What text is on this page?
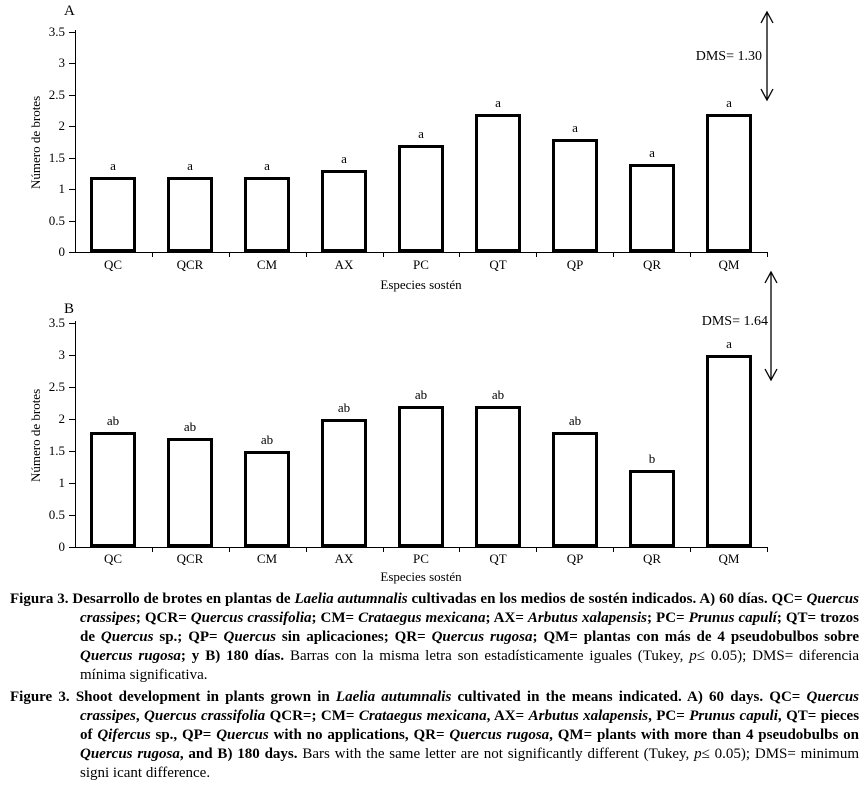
A
0
0.5
1
1.5
2
2.5
3
3.5
a
QC
a
QCR
a
CM
a
AX
a
PC
a
QT
a
QP
a
QR
a
QM
Especies sostén
Número de brotes
DMS= 1.30
B
0
0.5
1
1.5
2
2.5
3
3.5
ab
QC
ab
QCR
ab
CM
ab
AX
ab
PC
ab
QT
ab
QP
b
QR
a
QM
Especies sostén
Número de brotes
DMS= 1.64

Figura 3. Desarrollo de brotes en plantas de Laelia autumnalis cultivadas en los medios de sostén indicados. A) 60 días. QC= Quercus crassipes; QCR= Quercus crassifolia; CM= Crataegus mexicana; AX= Arbutus xalapensis; PC= Prunus capulí; QT= trozos de Quercus sp.; QP= Quercus sin aplicaciones; QR= Quercus rugosa; QM= plantas con más de 4 pseudobulbos sobre Quercus rugosa; y B) 180 días. Barras con la misma letra son estadísticamente iguales (Tukey, p≤ 0.05); DMS= diferencia mínima significativa.

Figure 3. Shoot development in plants grown in Laelia autumnalis cultivated in the means indicated. A) 60 days. QC= Quercus crassipes, Quercus crassifolia QCR=; CM= Crataegus mexicana, AX= Arbutus xalapensis, PC= Prunus capuli, QT= pieces of Qifercus sp., QP= Quercus with no applications, QR= Quercus rugosa, QM= plants with more than 4 pseudobulbs on Quercus rugosa, and B) 180 days. Bars with the same letter are not significantly different (Tukey, p≤ 0.05); DMS= minimum signi icant difference.
